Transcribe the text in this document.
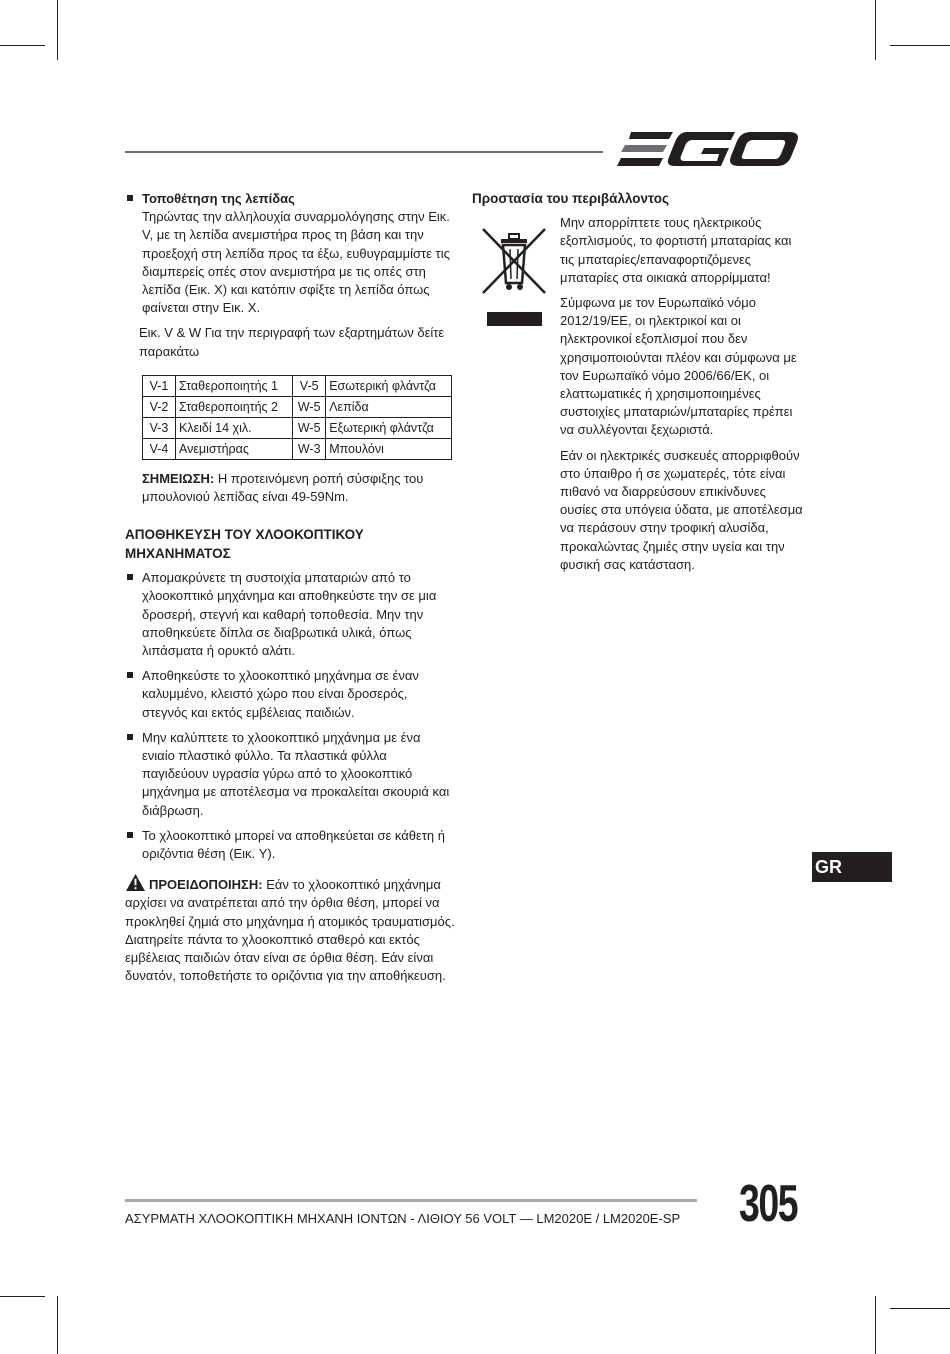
Τοποθέτηση της λεπίδας

Τηρώντας την αλληλουχία συναρμολόγησης στην Εικ. V, με τη λεπίδα ανεμιστήρα προς τη βάση και την προεξοχή στη λεπίδα προς τα έξω, ευθυγραμμίστε τις διαμπερείς οπές στον ανεμιστήρα με τις οπές στη λεπίδα (Εικ. X) και κατόπιν σφίξτε τη λεπίδα όπως φαίνεται στην Εικ. X.

Εικ. V & W Για την περιγραφή των εξαρτημάτων δείτε παρακάτω

V-1	Σταθεροποιητής 1	V-5	Εσωτερική φλάντζα
V-2	Σταθεροποιητής 2	W-5	Λεπίδα
V-3	Κλειδί 14 χιλ.	W-5	Εξωτερική φλάντζα
V-4	Ανεμιστήρας	W-3	Μπουλόνι

ΣΗΜΕΙΩΣΗ: Η προτεινόμενη ροπή σύσφιξης του μπουλονιού λεπίδας είναι 49-59Nm.

ΑΠΟΘΗΚΕΥΣΗ ΤΟΥ ΧΛΟΟΚΟΠΤΙΚΟΥ ΜΗΧΑΝΗΜΑΤΟΣ

Απομακρύνετε τη συστοιχία μπαταριών από το χλοοκοπτικό μηχάνημα και αποθηκεύστε την σε μια δροσερή, στεγνή και καθαρή τοποθεσία. Μην την αποθηκεύετε δίπλα σε διαβρωτικά υλικά, όπως λιπάσματα ή ορυκτό αλάτι.

Αποθηκεύστε το χλοοκοπτικό μηχάνημα σε έναν καλυμμένο, κλειστό χώρο που είναι δροσερός, στεγνός και εκτός εμβέλειας παιδιών.

Μην καλύπτετε το χλοοκοπτικό μηχάνημα με ένα ενιαίο πλαστικό φύλλο. Τα πλαστικά φύλλα παγιδεύουν υγρασία γύρω από το χλοοκοπτικό μηχάνημα με αποτέλεσμα να προκαλείται σκουριά και διάβρωση.

Το χλοοκοπτικό μπορεί να αποθηκεύεται σε κάθετη ή οριζόντια θέση (Εικ. Y).

ΠΡΟΕΙΔΟΠΟΙΗΣΗ: Εάν το χλοοκοπτικό μηχάνημα αρχίσει να ανατρέπεται από την όρθια θέση, μπορεί να προκληθεί ζημιά στο μηχάνημα ή ατομικός τραυματισμός. Διατηρείτε πάντα το χλοοκοπτικό σταθερό και εκτός εμβέλειας παιδιών όταν είναι σε όρθια θέση. Εάν είναι δυνατόν, τοποθετήστε το οριζόντια για την αποθήκευση.

Προστασία του περιβάλλοντος

Μην απορρίπτετε τους ηλεκτρικούς εξοπλισμούς, το φορτιστή μπαταρίας και τις μπαταρίες/επαναφορτιζόμενες μπαταρίες στα οικιακά απορρίμματα!

Σύμφωνα με τον Ευρωπαϊκό νόμο 2012/19/ΕΕ, οι ηλεκτρικοί και οι ηλεκτρονικοί εξοπλισμοί που δεν χρησιμοποιούνται πλέον και σύμφωνα με τον Ευρωπαϊκό νόμο 2006/66/ΕΚ, οι ελαττωματικές ή χρησιμοποιημένες συστοιχίες μπαταριών/μπαταρίες πρέπει να συλλέγονται ξεχωριστά.

Εάν οι ηλεκτρικές συσκευές απορριφθούν στο ύπαιθρο ή σε χωματερές, τότε είναι πιθανό να διαρρεύσουν επικίνδυνες ουσίες στα υπόγεια ύδατα, με αποτέλεσμα να περάσουν στην τροφική αλυσίδα, προκαλώντας ζημιές στην υγεία και την φυσική σας κατάσταση.

GR
ΑΣΥΡΜΑΤΗ ΧΛΟΟΚΟΠΤΙΚΗ ΜΗΧΑΝΗ ΙΟΝΤΩΝ - ΛΙΘΙΟΥ 56 VOLT — LM2020E / LM2020E-SP 305
